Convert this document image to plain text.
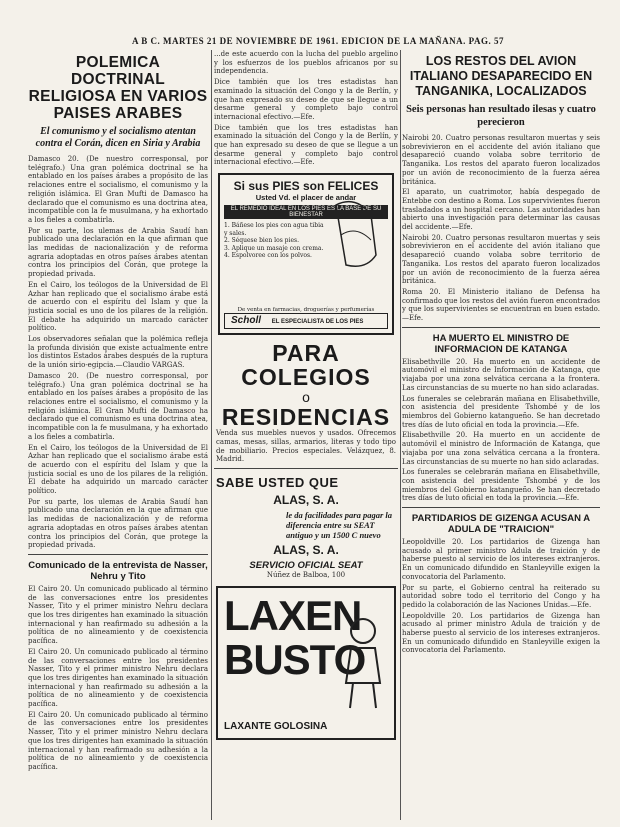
A B C. MARTES 21 DE NOVIEMBRE DE 1961. EDICION DE LA MAÑANA. PAG. 57
POLEMICA DOCTRINAL RELIGIOSA EN VARIOS PAISES ARABES
El comunismo y el socialismo atentan contra el Corán, dicen en Siria y Arabia

Damasco 20. (De nuestro corresponsal, por telégrafo.) Una gran polémica doctrinal se ha entablado en los países árabes a propósito de las relaciones entre el socialismo, el comunismo y la religión islámica. El Gran Mufti de Damasco ha declarado que el comunismo es una doctrina atea, incompatible con la fe musulmana, y ha exhortado a los fieles a combatirla.

Por su parte, los ulemas de Arabia Saudí han publicado una declaración en la que afirman que las medidas de nacionalización y de reforma agraria adoptadas en otros países árabes atentan contra los principios del Corán, que protege la propiedad privada.

En el Cairo, los teólogos de la Universidad de El Azhar han replicado que el socialismo árabe está de acuerdo con el espíritu del Islam y que la justicia social es uno de los pilares de la religión. El debate ha adquirido un marcado carácter político.

Los observadores señalan que la polémica refleja la profunda división que existe actualmente entre los distintos Estados árabes después de la ruptura de la unión sirio-egipcia.—Claudio VARGAS.

Damasco 20. (De nuestro corresponsal, por telégrafo.) Una gran polémica doctrinal se ha entablado en los países árabes a propósito de las relaciones entre el socialismo, el comunismo y la religión islámica. El Gran Mufti de Damasco ha declarado que el comunismo es una doctrina atea, incompatible con la fe musulmana, y ha exhortado a los fieles a combatirla.

En el Cairo, los teólogos de la Universidad de El Azhar han replicado que el socialismo árabe está de acuerdo con el espíritu del Islam y que la justicia social es uno de los pilares de la religión. El debate ha adquirido un marcado carácter político.

Por su parte, los ulemas de Arabia Saudí han publicado una declaración en la que afirman que las medidas de nacionalización y de reforma agraria adoptadas en otros países árabes atentan contra los principios del Corán, que protege la propiedad privada.

Comunicado de la entrevista de Nasser, Nehru y Tito

El Cairo 20. Un comunicado publicado al término de las conversaciones entre los presidentes Nasser, Tito y el primer ministro Nehru declara que los tres dirigentes han examinado la situación internacional y han reafirmado su adhesión a la política de no alineamiento y de coexistencia pacífica.

El Cairo 20. Un comunicado publicado al término de las conversaciones entre los presidentes Nasser, Tito y el primer ministro Nehru declara que los tres dirigentes han examinado la situación internacional y han reafirmado su adhesión a la política de no alineamiento y de coexistencia pacífica.

El Cairo 20. Un comunicado publicado al término de las conversaciones entre los presidentes Nasser, Tito y el primer ministro Nehru declara que los tres dirigentes han examinado la situación internacional y han reafirmado su adhesión a la política de no alineamiento y de coexistencia pacífica.

...de este acuerdo con la lucha del pueblo argelino y los esfuerzos de los pueblos africanos por su independencia.

Dice también que los tres estadistas han examinado la situación del Congo y la de Berlín, y que han expresado su deseo de que se llegue a un desarme general y completo bajo control internacional efectivo.—Efe.

Dice también que los tres estadistas han examinado la situación del Congo y la de Berlín, y que han expresado su deseo de que se llegue a un desarme general y completo bajo control internacional efectivo.—Efe.

Si sus PIES son FELICES
Usted Vd. el placer de andar
EL REMEDIO IDEAL EN LOS PIES ES LA BASE DE SU BIENESTAR
1. Báñese los pies con agua tibia y sales.
2. Séquese bien los pies.
3. Aplique un masaje con crema.
4. Espolvoree con los polvos.
De venta en farmacias, droguerías y perfumerías
Scholl EL ESPECIALISTA DE LOS PIES
PARA COLEGIOS
o
RESIDENCIAS

Venda sus muebles nuevos y usados. Ofrecemos camas, mesas, sillas, armarios, literas y todo tipo de mobiliario. Precios especiales. Velázquez, 8. Madrid.

SABE USTED QUE
ALAS, S. A.
le da facilidades para pagar la diferencia entre su SEAT antiguo y un 1500 C nuevo
ALAS, S. A.
SERVICIO OFICIAL SEAT
Núñez de Balboa, 100
LAXEN
BUSTO
LAXANTE GOLOSINA
LOS RESTOS DEL AVION ITALIANO DESAPARECIDO EN TANGANIKA, LOCALIZADOS
Seis personas han resultado ilesas y cuatro perecieron

Nairobi 20. Cuatro personas resultaron muertas y seis sobrevivieron en el accidente del avión italiano que desapareció cuando volaba sobre territorio de Tanganika. Los restos del aparato fueron localizados por un avión de reconocimiento de la fuerza aérea británica.

El aparato, un cuatrimotor, había despegado de Entebbe con destino a Roma. Los supervivientes fueron trasladados a un hospital cercano. Las autoridades han abierto una investigación para determinar las causas del accidente.—Efe.

Nairobi 20. Cuatro personas resultaron muertas y seis sobrevivieron en el accidente del avión italiano que desapareció cuando volaba sobre territorio de Tanganika. Los restos del aparato fueron localizados por un avión de reconocimiento de la fuerza aérea británica.

Roma 20. El Ministerio italiano de Defensa ha confirmado que los restos del avión fueron encontrados y que los supervivientes se encuentran en buen estado.—Efe.

HA MUERTO EL MINISTRO DE INFORMACION DE KATANGA

Elisabethville 20. Ha muerto en un accidente de automóvil el ministro de Información de Katanga, que viajaba por una zona selvática cercana a la frontera. Las circunstancias de su muerte no han sido aclaradas.

Los funerales se celebrarán mañana en Elisabethville, con asistencia del presidente Tshombé y de los miembros del Gobierno katangueño. Se han decretado tres días de luto oficial en toda la provincia.—Efe.

Elisabethville 20. Ha muerto en un accidente de automóvil el ministro de Información de Katanga, que viajaba por una zona selvática cercana a la frontera. Las circunstancias de su muerte no han sido aclaradas.

Los funerales se celebrarán mañana en Elisabethville, con asistencia del presidente Tshombé y de los miembros del Gobierno katangueño. Se han decretado tres días de luto oficial en toda la provincia.—Efe.

PARTIDARIOS DE GIZENGA ACUSAN A ADULA DE "TRAICION"

Leopoldville 20. Los partidarios de Gizenga han acusado al primer ministro Adula de traición y de haberse puesto al servicio de los intereses extranjeros. En un comunicado difundido en Stanleyville exigen la convocatoria del Parlamento.

Por su parte, el Gobierno central ha reiterado su autoridad sobre todo el territorio del Congo y ha pedido la colaboración de las Naciones Unidas.—Efe.

Leopoldville 20. Los partidarios de Gizenga han acusado al primer ministro Adula de traición y de haberse puesto al servicio de los intereses extranjeros. En un comunicado difundido en Stanleyville exigen la convocatoria del Parlamento.
